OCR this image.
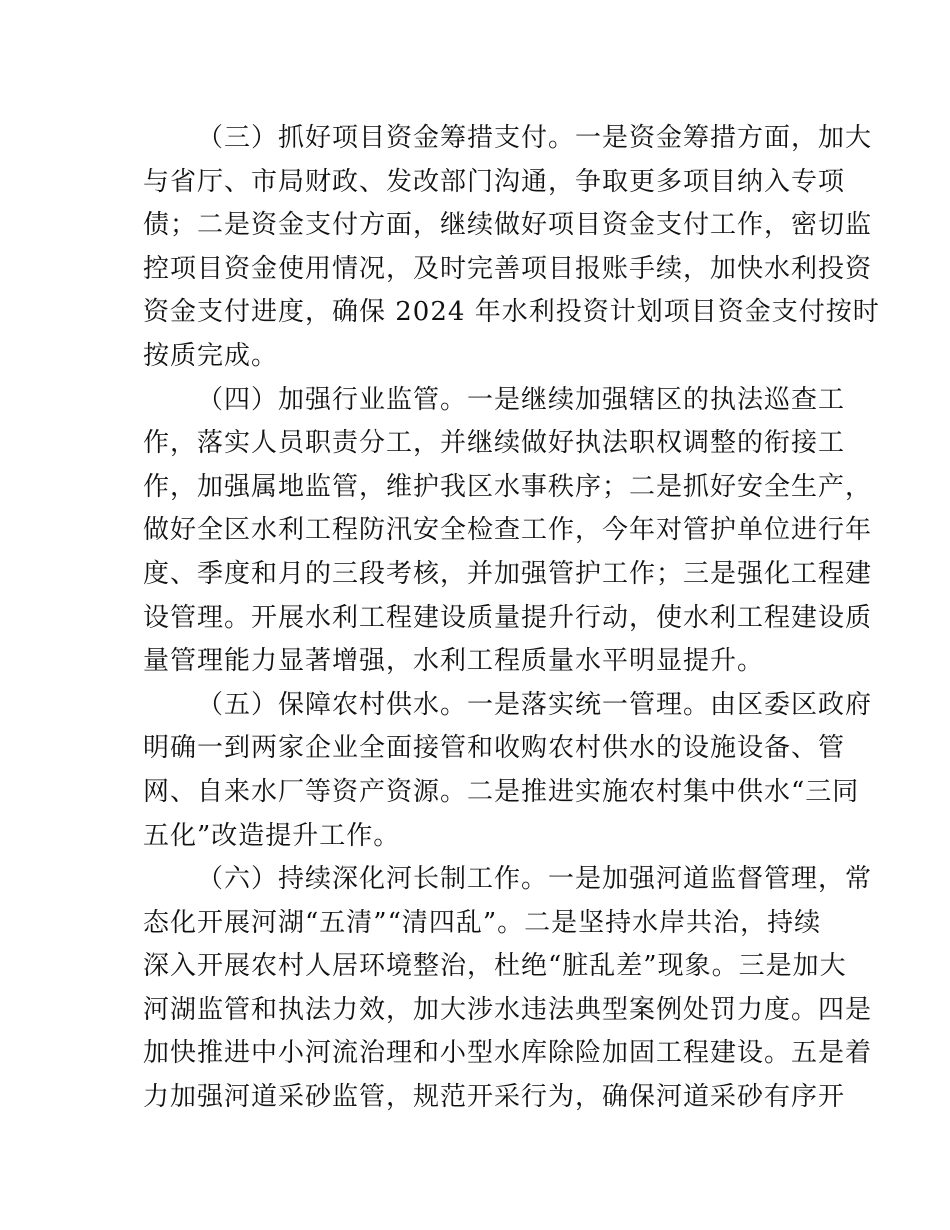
（三）抓好项目资金筹措支付。一是资金筹措方面，加大

与省厅、市局财政、发改部门沟通，争取更多项目纳入专项

债；二是资金支付方面，继续做好项目资金支付工作，密切监

控项目资金使用情况，及时完善项目报账手续，加快水利投资

资金支付进度，确保 2024 年水利投资计划项目资金支付按时

按质完成。

（四）加强行业监管。一是继续加强辖区的执法巡查工

作，落实人员职责分工，并继续做好执法职权调整的衔接工

作，加强属地监管，维护我区水事秩序；二是抓好安全生产，

做好全区水利工程防汛安全检查工作，今年对管护单位进行年

度、季度和月的三段考核，并加强管护工作；三是强化工程建

设管理。开展水利工程建设质量提升行动，使水利工程建设质

量管理能力显著增强，水利工程质量水平明显提升。

（五）保障农村供水。一是落实统一管理。由区委区政府

明确一到两家企业全面接管和收购农村供水的设施设备、管

网、自来水厂等资产资源。二是推进实施农村集中供水“三同

五化”改造提升工作。

（六）持续深化河长制工作。一是加强河道监督管理，常

态化开展河湖“五清”“清四乱”。二是坚持水岸共治，持续

深入开展农村人居环境整治，杜绝“脏乱差”现象。三是加大

河湖监管和执法力效，加大涉水违法典型案例处罚力度。四是

加快推进中小河流治理和小型水库除险加固工程建设。五是着

力加强河道采砂监管，规范开采行为，确保河道采砂有序开
